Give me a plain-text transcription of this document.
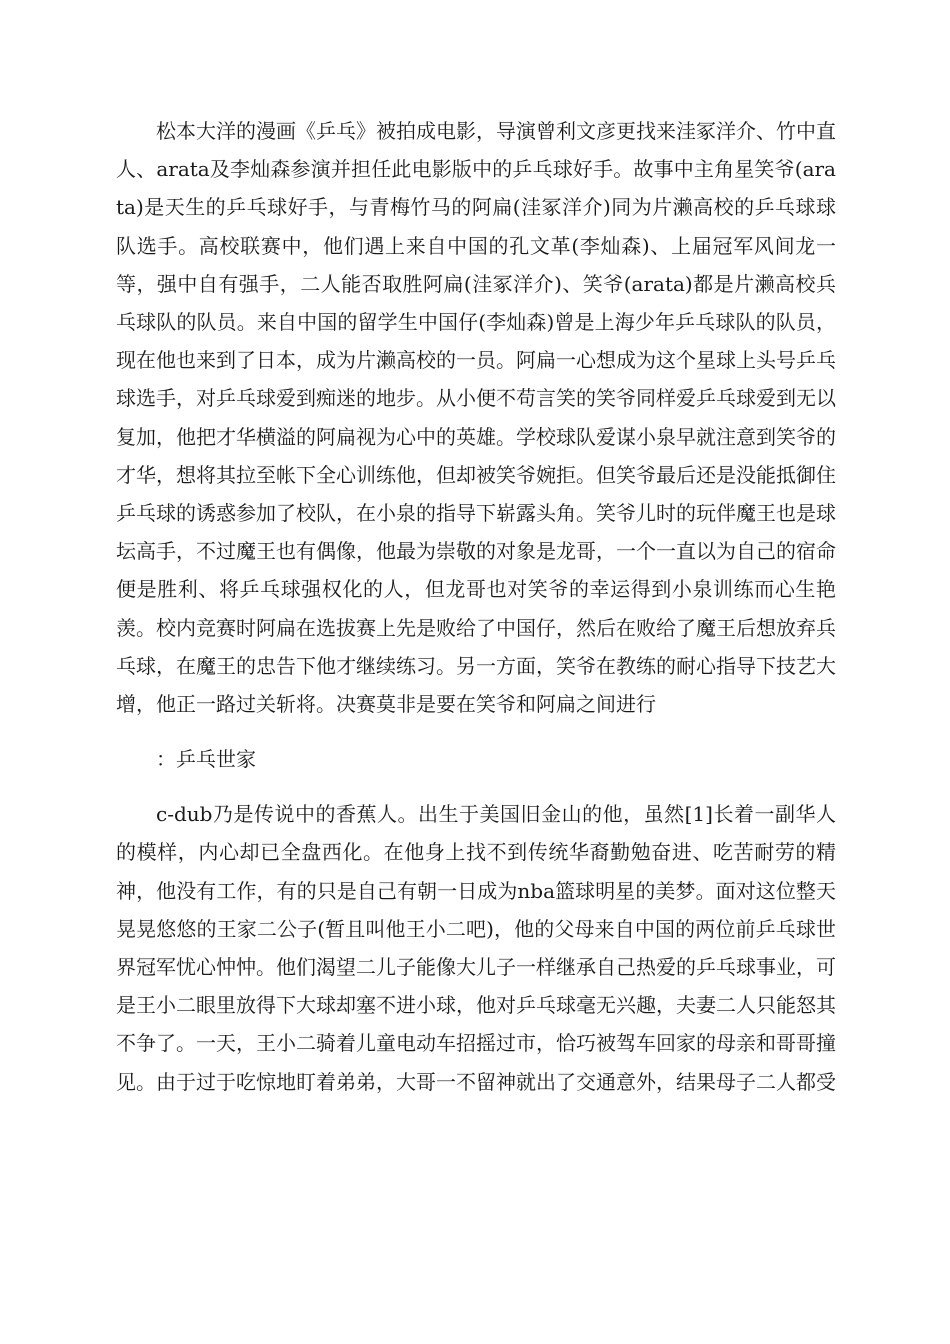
松本大洋的漫画《乒乓》被拍成电影，导演曾利文彦更找来洼冢洋介、竹中直人、arata及李灿森参演并担任此电影版中的乒乓球好手。故事中主角星笑爷(arata)是天生的乒乓球好手，与青梅竹马的阿扁(洼冢洋介)同为片濑高校的乒乓球球队选手。高校联赛中，他们遇上来自中国的孔文革(李灿森)、上届冠军风间龙一等，强中自有强手，二人能否取胜阿扁(洼冢洋介)、笑爷(arata)都是片濑高校兵乓球队的队员。来自中国的留学生中国仔(李灿森)曾是上海少年乒乓球队的队员，现在他也来到了日本，成为片濑高校的一员。阿扁一心想成为这个星球上头号乒乓球选手，对乒乓球爱到痴迷的地步。从小便不苟言笑的笑爷同样爱乒乓球爱到无以复加，他把才华横溢的阿扁视为心中的英雄。学校球队爱谋小泉早就注意到笑爷的才华，想将其拉至帐下全心训练他，但却被笑爷婉拒。但笑爷最后还是没能抵御住乒乓球的诱惑参加了校队，在小泉的指导下崭露头角。笑爷儿时的玩伴魔王也是球坛高手，不过魔王也有偶像，他最为崇敬的对象是龙哥，一个一直以为自己的宿命便是胜利、将乒乓球强权化的人，但龙哥也对笑爷的幸运得到小泉训练而心生艳羡。校内竞赛时阿扁在选拔赛上先是败给了中国仔，然后在败给了魔王后想放弃兵乓球，在魔王的忠告下他才继续练习。另一方面，笑爷在教练的耐心指导下技艺大增，他正一路过关斩将。决赛莫非是要在笑爷和阿扁之间进行

：乒乓世家

c-dub乃是传说中的香蕉人。出生于美国旧金山的他，虽然[1]长着一副华人的模样，内心却已全盘西化。在他身上找不到传统华裔勤勉奋进、吃苦耐劳的精神，他没有工作，有的只是自己有朝一日成为nba篮球明星的美梦。面对这位整天晃晃悠悠的王家二公子(暂且叫他王小二吧)，他的父母来自中国的两位前乒乓球世界冠军忧心忡忡。他们渴望二儿子能像大儿子一样继承自己热爱的乒乓球事业，可是王小二眼里放得下大球却塞不进小球，他对乒乓球毫无兴趣，夫妻二人只能怒其不争了。一天，王小二骑着儿童电动车招摇过市，恰巧被驾车回家的母亲和哥哥撞见。由于过于吃惊地盯着弟弟，大哥一不留神就出了交通意外，结果母子二人都受
